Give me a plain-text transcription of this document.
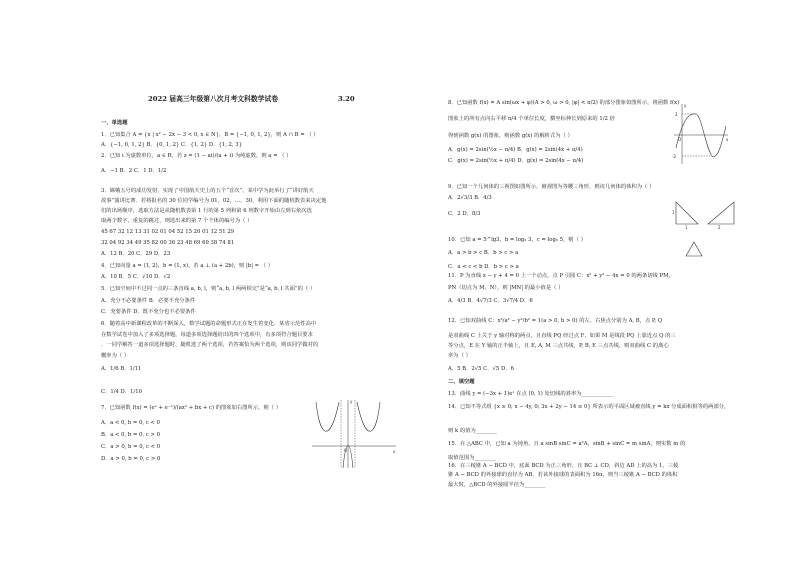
2022 届高三年级第八次月考文科数学试卷	3.20
一、单选题
1．已知集合 A = {x | x² − 2x − 3 < 0, x ∈ N}，B = {−1, 0, 1, 2}，则 A ∩ B = （ ）
A．{−1, 0, 1, 2} B．{0, 1, 2} C．{1, 2} D．{1, 2, 3}
2．已知 i 为虚数单位，a ∈ R，若 z = (1 − ai)/(a + i) 为纯虚数，则 a = （ ）
A．−1 B．2 C．1 D．1/2
3．嫦娥五号的成功发射，实现了中国航天史上的五个“首次”，某中学为此举行了“讲好航天
故事”演讲比赛．若将报名的 30 位同学编号为 01，02，…，30，利用下面的随机数表来决定他
们的出场顺序，选取方法是从随机数表第 1 行的第 5 列和第 6 列数字开始由左到右依次选
取两个数字，重复的跳过，则选出来的第 7 个个体的编号为（ ）
45 67 32 12 13 31 02 01 04 52 15 20 01 12 51 29
32 04 92 34 49 35 82 00 36 23 48 69 69 38 74 81
A．12 B．20 C．29 D．23
4．已知向量 a = (1, 2)，b = (1, x)，若 a ⊥ (a + 2b)，则 |b| = （ ）
A．10 B．5 C．√10 D．√2
5．已知空间中不过同一点的三条直线 a, b, l，则“a, b, l 两两相交”是“a, b, l 共面”的（ ）
A．充分不必要条件 B．必要不充分条件
C．充要条件 D．既不充分也不必要条件
6．随着高中新课程改革的不断深入，数学试题的命题形式正在发生着变化．某省示范性高中
在数学试卷中加入了多项选择题，每道多项选择题给出的四个选项中，有多项符合题目要求
．一同学解答一道多项选择题时，随机选了两个选项，若答案恰为两个选项，则该同学做对的
概率为（ ）
A．1/6 B．1/11
C．1/4 D．1/10
7．已知函数 f(x) = (eˣ + e⁻ˣ)/(ax² + bx + c) 的图象如右图所示，则（ ）
A．a < 0, b = 0, c < 0
B．a < 0, b = 0, c > 0
C．a > 0, b = 0, c < 0
D．a > 0, b = 0, c > 0
y
x
O
8．已知函数 f(x) = A sin(ωx + φ)(A > 0, ω > 0, |φ| < π/2) 的部分图象如图所示，将函数 f(x)
图象上的所有点向右平移 π/4 个单位长度，横坐标伸长到原来的 1/2 倍
得到函数 g(x) 的图象，则函数 g(x) 的解析式为（ ）
A．g(x) = 2sin(½x − π/4) B．g(x) = 2sin(4x + π/4)
C．g(x) = 2sin(½x + π/4) D．g(x) = 2sin(4x − π/4)
9．已知一个几何体的三视图如图所示，俯视图为等腰三角形，则该几何体的体积为（ ）
A．2√3/3 B．4/3
C．2 D．8/3
10．已知 a = 5^lg3，b = log₂ 3，c = log₅ 5，则（ ）
A．a > b > c B．b > c > a
C．a < c < b D．b > c > a
11．P 为直线 x − y + 4 = 0 上一个动点，点 P 引圆 C：x² + y² − 4x = 0 的两条切线 PM，
PN（切点为 M，N），则 |MN| 的最小值是（ ）
A．4/3 B．4√7/3 C．3√7/4 D．6
12．已知双曲线 C：x²/a² − y²/b² = 1(a > 0, b > 0) 的左、右焦点分别为 A, B，点 P, Q
是双曲线 C 上关于 y 轴对称的两点，且直线 PQ 经过点 F，如果 M 是线段 PQ 上靠近点 Q 的三
等分点，E 在 Y 轴的正半轴上，且 E, A, M 三点共线，P, B, E 三点共线，则双曲线 C 的离心
率为（ ）
A．5 B．2√5 C．√5 D．6
二、填空题
13．曲线 y = (−3x + 1)eˣ 在点 (0, 1) 处切线的斜率为____________
14．已知不等式组 {x ≥ 0; x − 4y, 0; 3x + 2y − 14 ≤ 0} 所表示的平面区域被直线 y = kx 分成面积相等的两部分，
则 k 的值为________
15．在 △ABC 中，已知 a 为钝角，且 a sinB sinC = a²A，sinB + sinC = m sinA，则实数 m 的
取值范围为________
16．在三棱锥 A − BCD 中，底面 BCD 为正三角形，且 BC ⊥ CD，斜边 AD 上的高为 1，三棱
锥 A − BCD 的外接球的直径为 AB，若该外接球的表面积为 16π，则当三棱锥 A − BCD 的体积
最大时，△BCD 的外接圆半径为________
y
x
O
2
-2
1
1	2
